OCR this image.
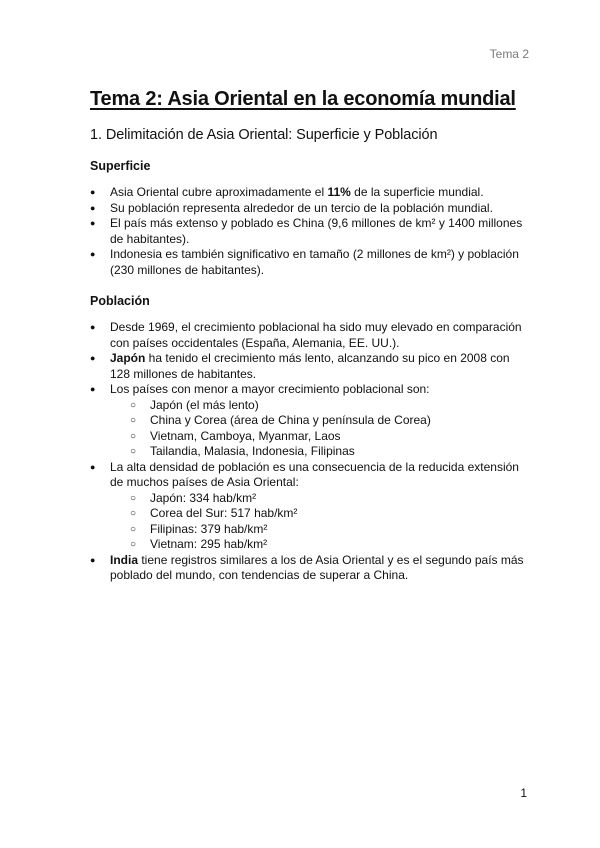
Tema 2
Tema 2: Asia Oriental en la economía mundial
1. Delimitación de Asia Oriental: Superficie y Población
Superficie
● Asia Oriental cubre aproximadamente el 11% de la superficie mundial.
● Su población representa alrededor de un tercio de la población mundial.
● El país más extenso y poblado es China (9,6 millones de km² y 1400 millones de habitantes).
● Indonesia es también significativo en tamaño (2 millones de km²) y población (230 millones de habitantes).
Población
● Desde 1969, el crecimiento poblacional ha sido muy elevado en comparación con países occidentales (España, Alemania, EE. UU.).
● Japón ha tenido el crecimiento más lento, alcanzando su pico en 2008 con 128 millones de habitantes.
● Los países con menor a mayor crecimiento poblacional son:
○ Japón (el más lento)
○ China y Corea (área de China y península de Corea)
○ Vietnam, Camboya, Myanmar, Laos
○ Tailandia, Malasia, Indonesia, Filipinas
● La alta densidad de población es una consecuencia de la reducida extensión de muchos países de Asia Oriental:
○ Japón: 334 hab/km²
○ Corea del Sur: 517 hab/km²
○ Filipinas: 379 hab/km²
○ Vietnam: 295 hab/km²
● India tiene registros similares a los de Asia Oriental y es el segundo país más poblado del mundo, con tendencias de superar a China.
1
